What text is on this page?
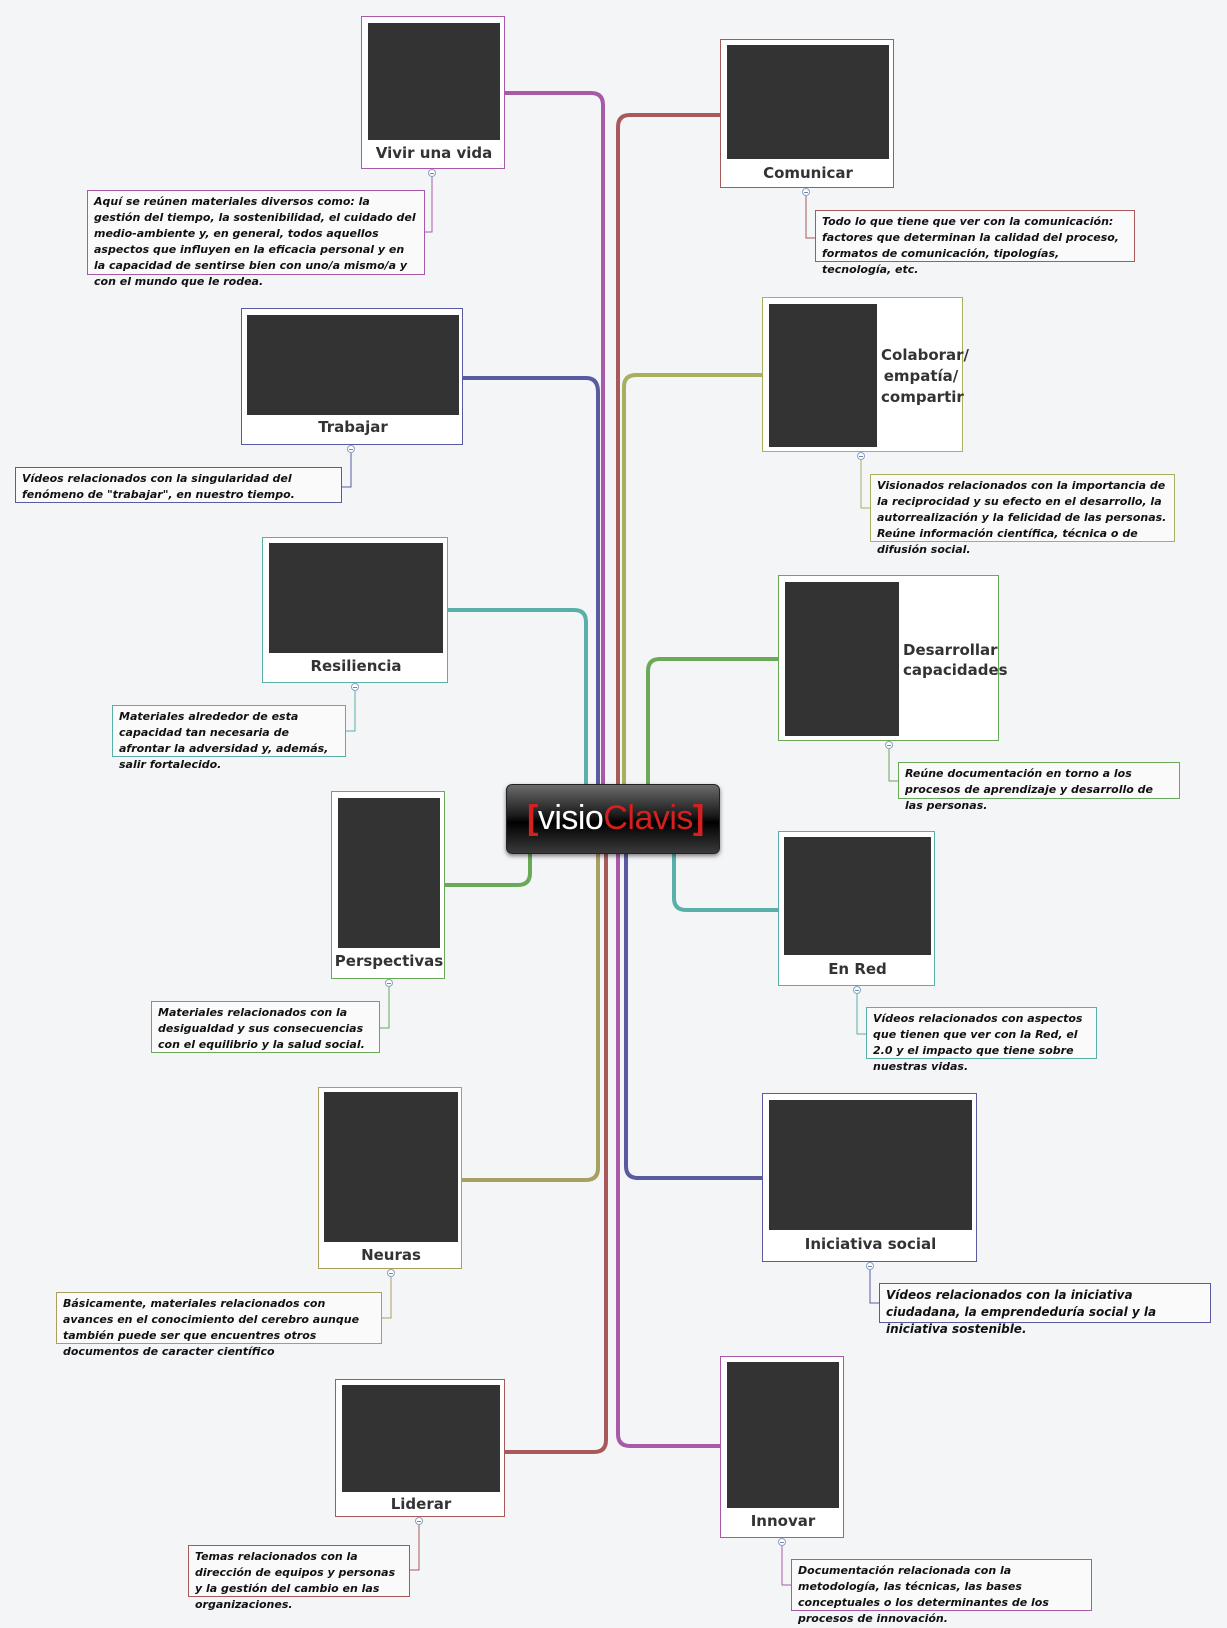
[visioClavis]
Vivir una vida
Aquí se reúnen materiales diversos como: la gestión del tiempo, la sostenibilidad, el cuidado del medio-ambiente y, en general, todos aquellos aspectos que influyen en la eficacia personal y en la capacidad de sentirse bien con uno/a mismo/a y con el mundo que le rodea.
Trabajar
Vídeos relacionados con la singularidad del fenómeno de "trabajar", en nuestro tiempo.
Resiliencia
Materiales alrededor de esta capacidad tan necesaria de afrontar la adversidad y, además, salir fortalecido.
Perspectivas
Materiales relacionados con la desigualdad y sus consecuencias con el equilibrio y la salud social.
Neuras
Básicamente, materiales relacionados con avances en el conocimiento del cerebro aunque también puede ser que encuentres otros documentos de caracter científico
Liderar
Temas relacionados con la dirección de equipos y personas y la gestión del cambio en las organizaciones.
Comunicar
Todo lo que tiene que ver con la comunicación: factores que determinan la calidad del proceso, formatos de comunicación, tipologías, tecnología, etc.
Colaborar/ empatía/ compartir
Visionados relacionados con la importancia de la reciprocidad y su efecto en el desarrollo, la autorrealización y la felicidad de las personas. Reúne información científica, técnica o de difusión social.
Desarrollar capacidades
Reúne documentación en torno a los procesos de aprendizaje y desarrollo de las personas.
En Red
Vídeos relacionados con aspectos que tienen que ver con la Red, el 2.0 y el impacto que tiene sobre nuestras vidas.
Iniciativa social
Vídeos relacionados con la iniciativa ciudadana, la emprendeduría social y la iniciativa sostenible.
Innovar
Documentación relacionada con la metodología, las técnicas, las bases conceptuales o los determinantes de los procesos de innovación.
